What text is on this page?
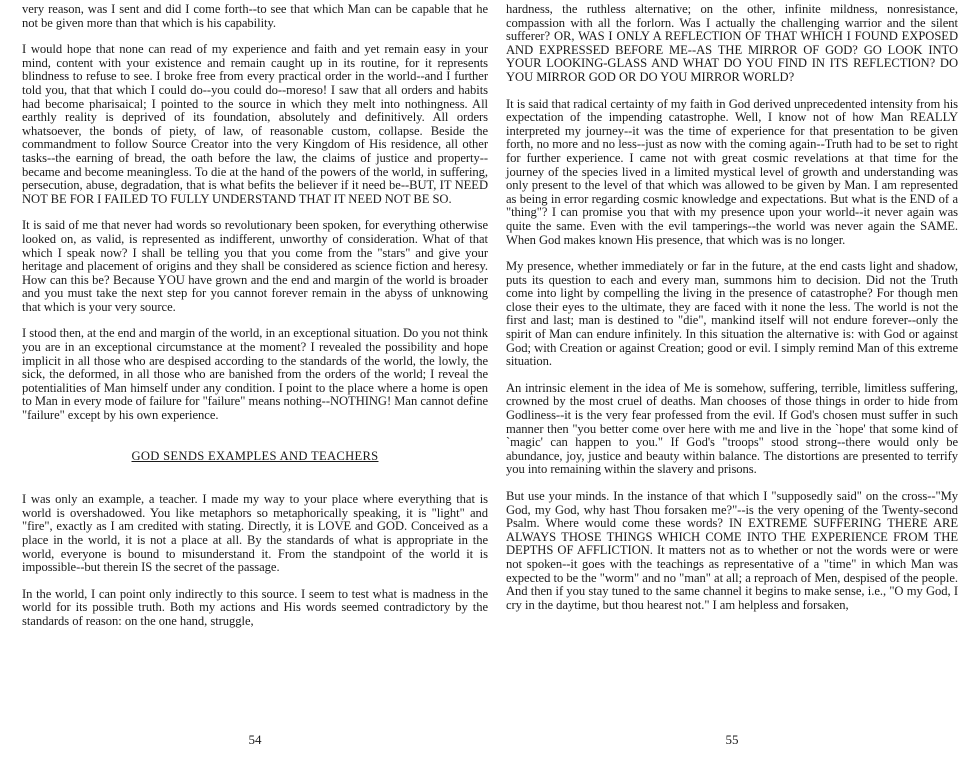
very reason, was I sent and did I come forth--to see that which Man can be capable that he not be given more than that which is his capability.

I would hope that none can read of my experience and faith and yet remain easy in your mind, content with your existence and remain caught up in its routine, for it represents blindness to refuse to see. I broke free from every practical order in the world--and I further told you, that that which I could do--you could do--moreso! I saw that all orders and habits had become pharisaical; I pointed to the source in which they melt into nothingness. All earthly reality is deprived of its foundation, absolutely and definitively. All orders whatsoever, the bonds of piety, of law, of reasonable custom, collapse. Beside the commandment to follow Source Creator into the very Kingdom of His residence, all other tasks--the earning of bread, the oath before the law, the claims of justice and property--became and become meaningless. To die at the hand of the powers of the world, in suffering, persecution, abuse, degradation, that is what befits the believer if it need be--BUT, IT NEED NOT BE FOR I FAILED TO FULLY UNDERSTAND THAT IT NEED NOT BE SO.

It is said of me that never had words so revolutionary been spoken, for everything otherwise looked on, as valid, is represented as indifferent, unworthy of consideration. What of that which I speak now? I shall be telling you that you come from the "stars" and give your heritage and placement of origins and they shall be considered as science fiction and heresy. How can this be? Because YOU have grown and the end and margin of the world is broader and you must take the next step for you cannot forever remain in the abyss of unknowing that which is your very source.

I stood then, at the end and margin of the world, in an exceptional situation. Do you not think you are in an exceptional circumstance at the moment? I revealed the possibility and hope implicit in all those who are despised according to the standards of the world, the lowly, the sick, the deformed, in all those who are banished from the orders of the world; I reveal the potentialities of Man himself under any condition. I point to the place where a home is open to Man in every mode of failure for "failure" means nothing--NOTHING! Man cannot define "failure" except by his own experience.

GOD SENDS EXAMPLES AND TEACHERS

I was only an example, a teacher. I made my way to your place where everything that is world is overshadowed. You like metaphors so metaphorically speaking, it is "light" and "fire", exactly as I am credited with stating. Directly, it is LOVE and GOD. Conceived as a place in the world, it is not a place at all. By the standards of what is appropriate in the world, everyone is bound to misunderstand it. From the standpoint of the world it is impossible--but therein IS the secret of the passage.

In the world, I can point only indirectly to this source. I seem to test what is madness in the world for its possible truth. Both my actions and His words seemed contradictory by the standards of reason: on the one hand, struggle,

54

hardness, the ruthless alternative; on the other, infinite mildness, nonresistance, compassion with all the forlorn. Was I actually the challenging warrior and the silent sufferer? OR, WAS I ONLY A REFLECTION OF THAT WHICH I FOUND EXPOSED AND EXPRESSED BEFORE ME--AS THE MIRROR OF GOD? GO LOOK INTO YOUR LOOKING-GLASS AND WHAT DO YOU FIND IN ITS REFLECTION? DO YOU MIRROR GOD OR DO YOU MIRROR WORLD?

It is said that radical certainty of my faith in God derived unprecedented intensity from his expectation of the impending catastrophe. Well, I know not of how Man REALLY interpreted my journey--it was the time of experience for that presentation to be given forth, no more and no less--just as now with the coming again--Truth had to be set to right for further experience. I came not with great cosmic revelations at that time for the journey of the species lived in a limited mystical level of growth and understanding was only present to the level of that which was allowed to be given by Man. I am represented as being in error regarding cosmic knowledge and expectations. But what is the END of a "thing"? I can promise you that with my presence upon your world--it never again was quite the same. Even with the evil tamperings--the world was never again the SAME. When God makes known His presence, that which was is no longer.

My presence, whether immediately or far in the future, at the end casts light and shadow, puts its question to each and every man, summons him to decision. Did not the Truth come into light by compelling the living in the presence of catastrophe? For though men close their eyes to the ultimate, they are faced with it none the less. The world is not the first and last; man is destined to "die", mankind itself will not endure forever--only the spirit of Man can endure infinitely. In this situation the alternative is: with God or against God; with Creation or against Creation; good or evil. I simply remind Man of this extreme situation.

An intrinsic element in the idea of Me is somehow, suffering, terrible, limitless suffering, crowned by the most cruel of deaths. Man chooses of those things in order to hide from Godliness--it is the very fear professed from the evil. If God's chosen must suffer in such manner then "you better come over here with me and live in the `hope' that some kind of `magic' can happen to you." If God's "troops" stood strong--there would only be abundance, joy, justice and beauty within balance. The distortions are presented to terrify you into remaining within the slavery and prisons.

But use your minds. In the instance of that which I "supposedly said" on the cross--"My God, my God, why hast Thou forsaken me?"--is the very opening of the Twenty-second Psalm. Where would come these words? IN EXTREME SUFFERING THERE ARE ALWAYS THOSE THINGS WHICH COME INTO THE EXPERIENCE FROM THE DEPTHS OF AFFLICTION. It matters not as to whether or not the words were or were not spoken--it goes with the teachings as representative of a "time" in which Man was expected to be the "worm" and no "man" at all; a reproach of Men, despised of the people. And then if you stay tuned to the same channel it begins to make sense, i.e., "O my God, I cry in the daytime, but thou hearest not." I am helpless and forsaken,

55
